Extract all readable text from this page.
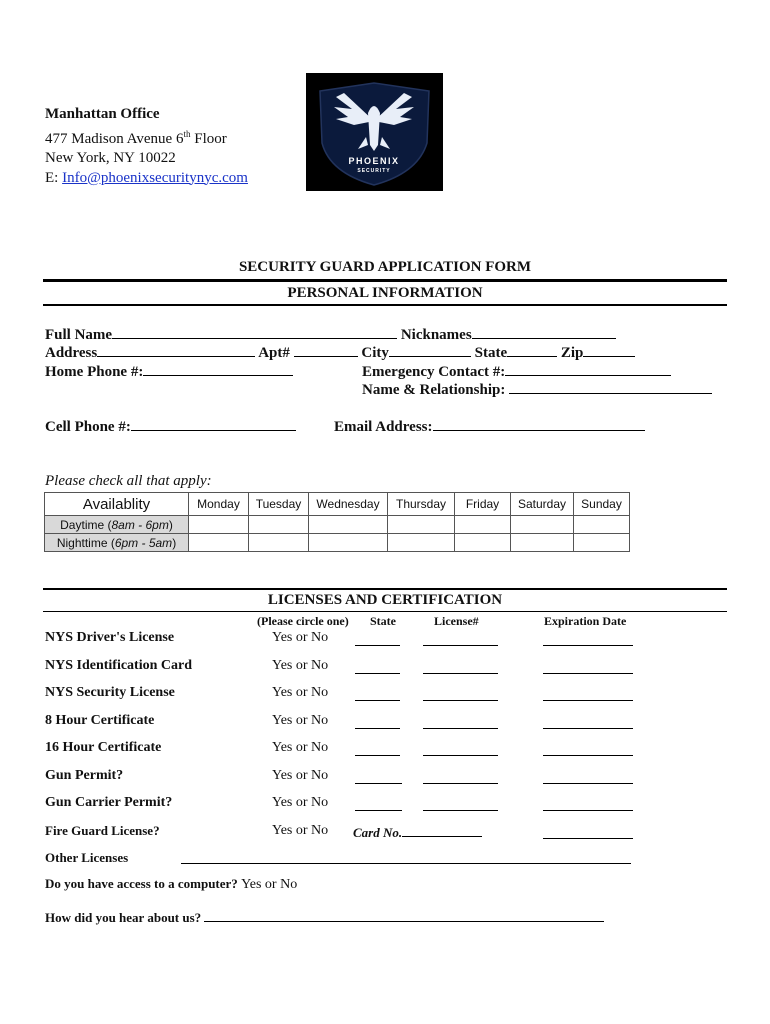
Manhattan Office
477 Madison Avenue 6th Floor
New York, NY 10022
E: Info@phoenixsecuritynyc.com
PHOENIX
SECURITY
SECURITY GUARD APPLICATION FORM
PERSONAL INFORMATION
Full Name	Nicknames
Address	Apt#	City	State	Zip
Home Phone #:	Emergency Contact #:
Name & Relationship:
Cell Phone #:	Email Address:
Please check all that apply:
Availablity	Monday	Tuesday	Wednesday	Thursday	Friday	Saturday	Sunday
Daytime (8am - 6pm)							
Nighttime (6pm - 5am)							
LICENSES AND CERTIFICATION
(Please circle one) State	License#	Expiration Date
NYS Driver's License	Yes or No
NYS Identification Card	Yes or No
NYS Security License	Yes or No
8 Hour Certificate	Yes or No
16 Hour Certificate	Yes or No
Gun Permit?	Yes or No
Gun Carrier Permit?	Yes or No
Fire Guard License?	Yes or No Card No.
Other Licenses
Do you have access to a computer? Yes or No
How did you hear about us?
